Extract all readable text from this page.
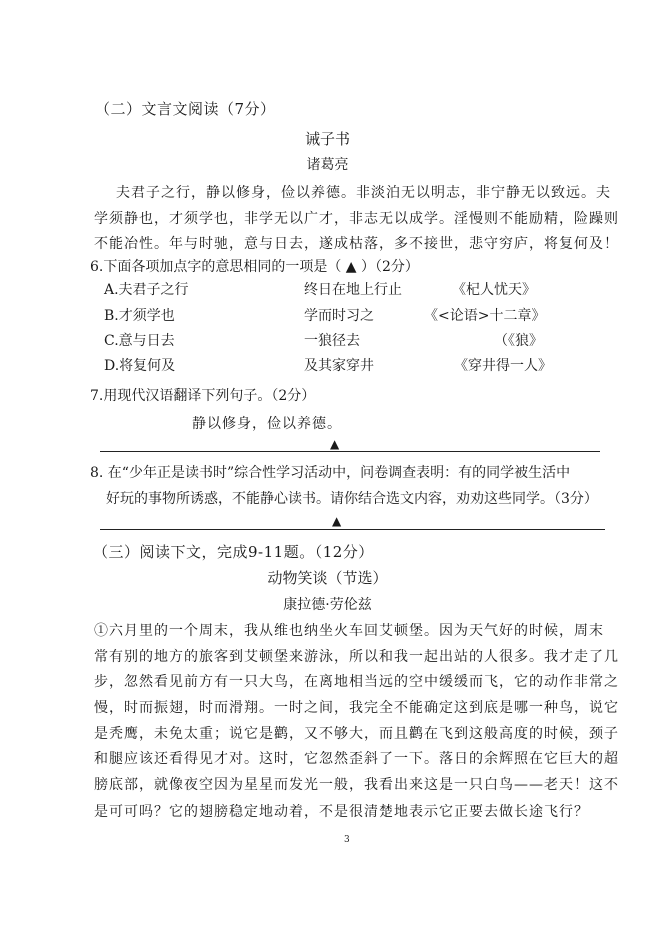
（二）文言文阅读（7分）
诫子书
诸葛亮
夫君子之行，静以修身，俭以养德。非淡泊无以明志，非宁静无以致远。夫
学须静也，才须学也，非学无以广才，非志无以成学。淫慢则不能励精，险躁则
不能冶性。年与时驰，意与日去，遂成枯落，多不接世，悲守穷庐，将复何及！
6.下面各项加点字的意思相同的一项是（ ▲ ）（2分）
A.夫君子之行	终日在地上行止	《杞人忧天》
B.才须学也	学而时习之	《<论语>十二章》
C.意与日去	一狼径去	（《狼》
D.将复何及	及其家穿井	《穿井得一人》
7.用现代汉语翻译下列句子。（2分）
静以修身，俭以养德。
▲
8. 在“少年正是读书时”综合性学习活动中，问卷调查表明：有的同学被生活中
好玩的事物所诱惑，不能静心读书。请你结合选文内容，劝劝这些同学。（3分）
▲
（三）阅读下文，完成9-11题。（12分）
动物笑谈（节选）
康拉德·劳伦兹
①六月里的一个周末，我从维也纳坐火车回艾顿堡。因为天气好的时候，周末
常有别的地方的旅客到艾顿堡来游泳，所以和我一起出站的人很多。我才走了几
步，忽然看见前方有一只大鸟，在离地相当远的空中缓缓而飞，它的动作非常之
慢，时而振翅，时而滑翔。一时之间，我完全不能确定这到底是哪一种鸟，说它
是秃鹰，未免太重；说它是鹳，又不够大，而且鹳在飞到这般高度的时候，颈子
和腿应该还看得见才对。这时，它忽然歪斜了一下。落日的余辉照在它巨大的超
膀底部，就像夜空因为星星而发光一般，我看出来这是一只白鸟——老天！这不
是可可吗？它的翅膀稳定地动着，不是很清楚地表示它正要去做长途飞行？
3
